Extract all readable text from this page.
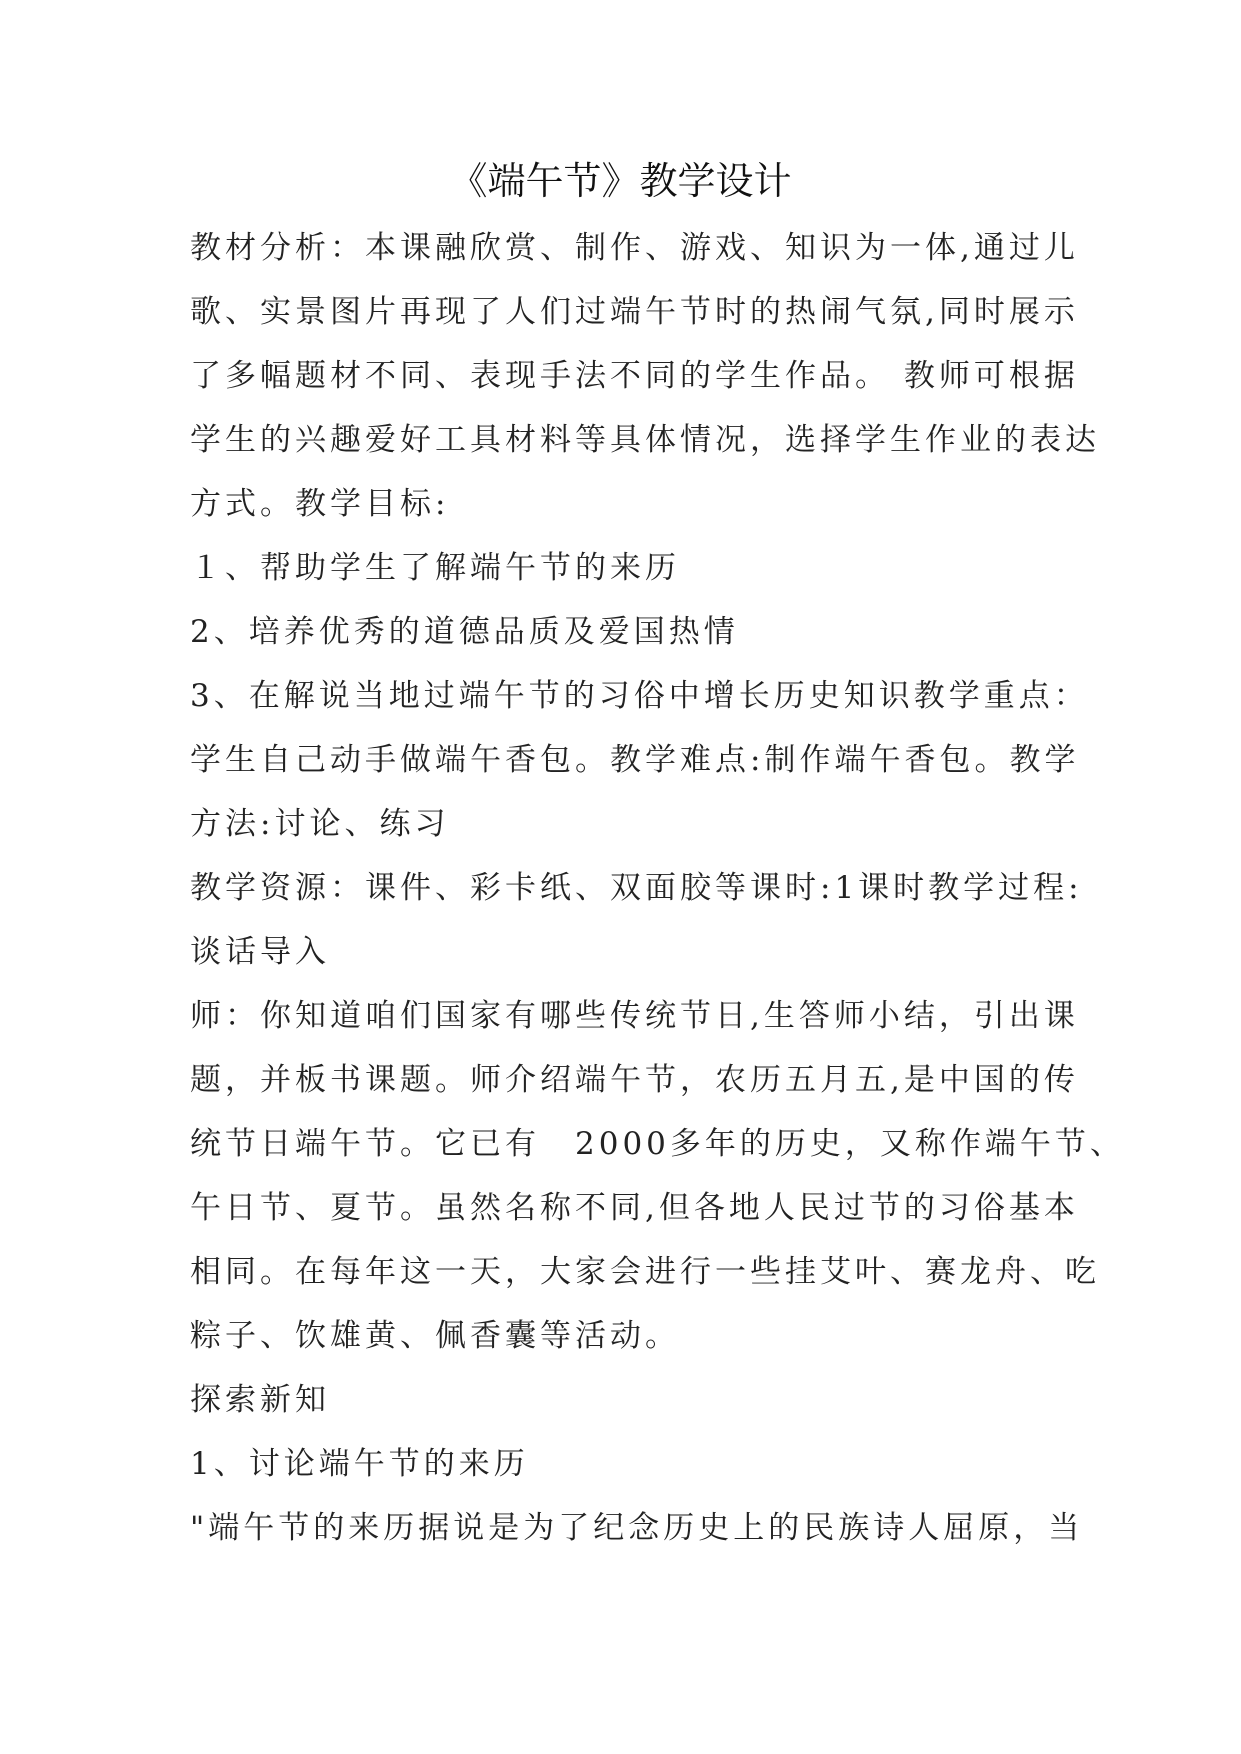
《端午节》教学设计
教材分析：本课融欣赏、制作、游戏、知识为一体,通过儿
歌、实景图片再现了人们过端午节时的热闹气氛,同时展示
了多幅题材不同、表现手法不同的学生作品。 教师可根据
学生的兴趣爱好工具材料等具体情况，选择学生作业的表达
方式。教学目标:
１、帮助学生了解端午节的来历
2、培养优秀的道德品质及爱国热情
3、在解说当地过端午节的习俗中增长历史知识教学重点：
学生自己动手做端午香包。教学难点:制作端午香包。教学
方法:讨论、练习
教学资源：课件、彩卡纸、双面胶等课时:1课时教学过程:
谈话导入
师：你知道咱们国家有哪些传统节日,生答师小结，引出课
题，并板书课题。师介绍端午节，农历五月五,是中国的传
统节日端午节。它已有　2000多年的历史，又称作端午节、
午日节、夏节。虽然名称不同,但各地人民过节的习俗基本
相同。在每年这一天，大家会进行一些挂艾叶、赛龙舟、吃
粽子、饮雄黄、佩香囊等活动。
探索新知
1、讨论端午节的来历
"端午节的来历据说是为了纪念历史上的民族诗人屈原，当
